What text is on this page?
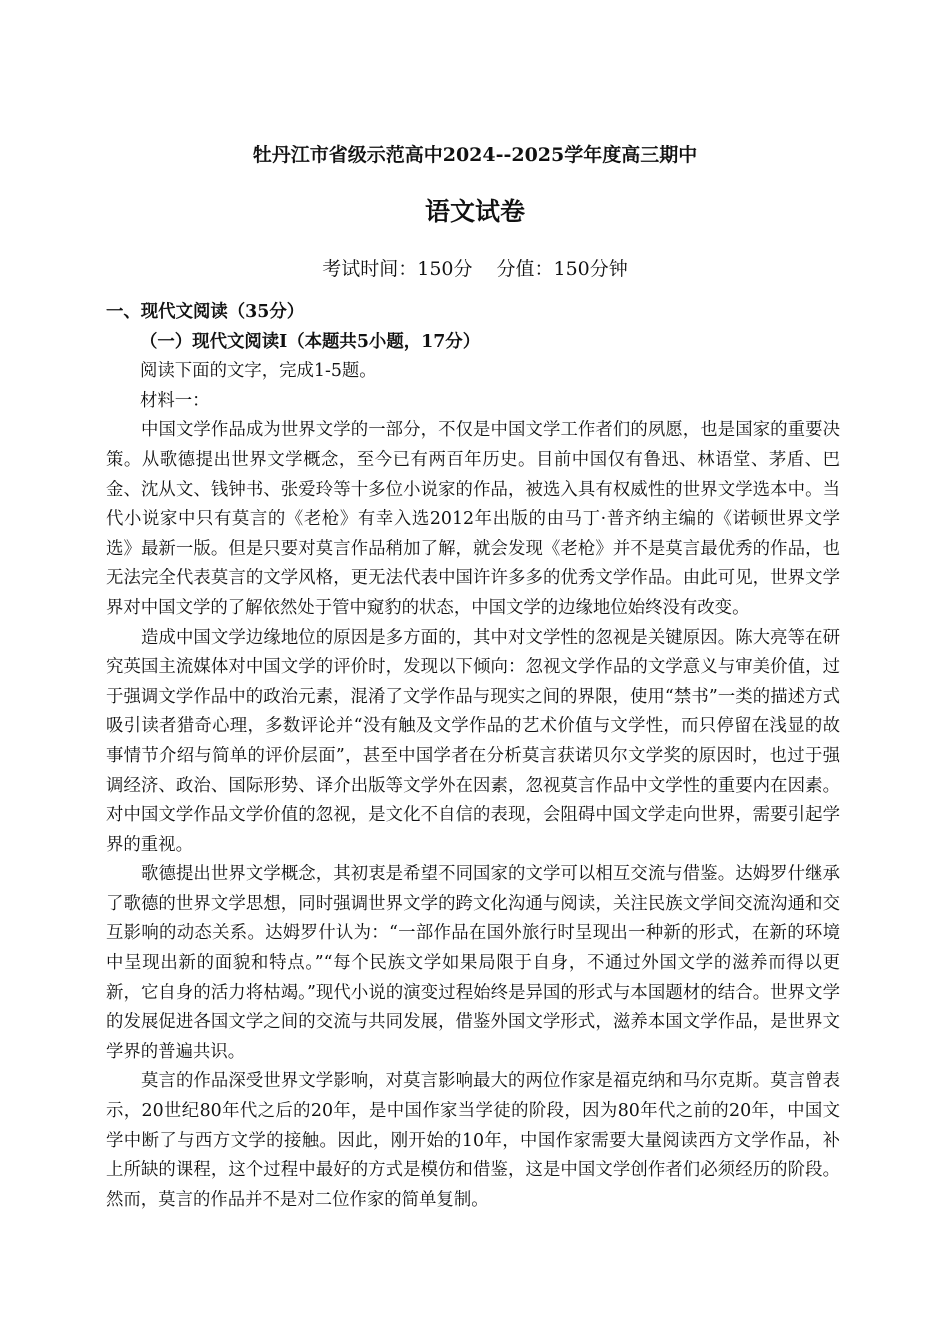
牡丹江市省级示范高中2024--2025学年度高三期中
语文试卷
考试时间：150分 分值：150分钟

一、现代文阅读（35分）

（一）现代文阅读Ⅰ（本题共5小题，17分）

阅读下面的文字，完成1-5题。

材料一：

中国文学作品成为世界文学的一部分，不仅是中国文学工作者们的夙愿，也是国家的重要决策。从歌德提出世界文学概念，至今已有两百年历史。目前中国仅有鲁迅、林语堂、茅盾、巴金、沈从文、钱钟书、张爱玲等十多位小说家的作品，被选入具有权威性的世界文学选本中。当代小说家中只有莫言的《老枪》有幸入选2012年出版的由马丁·普齐纳主编的《诺顿世界文学选》最新一版。但是只要对莫言作品稍加了解，就会发现《老枪》并不是莫言最优秀的作品，也无法完全代表莫言的文学风格，更无法代表中国许许多多的优秀文学作品。由此可见，世界文学界对中国文学的了解依然处于管中窥豹的状态，中国文学的边缘地位始终没有改变。

造成中国文学边缘地位的原因是多方面的，其中对文学性的忽视是关键原因。陈大亮等在研究英国主流媒体对中国文学的评价时，发现以下倾向：忽视文学作品的文学意义与审美价值，过于强调文学作品中的政治元素，混淆了文学作品与现实之间的界限，使用“禁书”一类的描述方式吸引读者猎奇心理，多数评论并“没有触及文学作品的艺术价值与文学性，而只停留在浅显的故事情节介绍与简单的评价层面”，甚至中国学者在分析莫言获诺贝尔文学奖的原因时，也过于强调经济、政治、国际形势、译介出版等文学外在因素，忽视莫言作品中文学性的重要内在因素。对中国文学作品文学价值的忽视，是文化不自信的表现，会阻碍中国文学走向世界，需要引起学界的重视。

歌德提出世界文学概念，其初衷是希望不同国家的文学可以相互交流与借鉴。达姆罗什继承了歌德的世界文学思想，同时强调世界文学的跨文化沟通与阅读，关注民族文学间交流沟通和交互影响的动态关系。达姆罗什认为：“一部作品在国外旅行时呈现出一种新的形式，在新的环境中呈现出新的面貌和特点。”“每个民族文学如果局限于自身，不通过外国文学的滋养而得以更新，它自身的活力将枯竭。”现代小说的演变过程始终是异国的形式与本国题材的结合。世界文学的发展促进各国文学之间的交流与共同发展，借鉴外国文学形式，滋养本国文学作品，是世界文学界的普遍共识。

莫言的作品深受世界文学影响，对莫言影响最大的两位作家是福克纳和马尔克斯。莫言曾表示，20世纪80年代之后的20年，是中国作家当学徒的阶段，因为80年代之前的20年，中国文学中断了与西方文学的接触。因此，刚开始的10年，中国作家需要大量阅读西方文学作品，补上所缺的课程，这个过程中最好的方式是模仿和借鉴，这是中国文学创作者们必须经历的阶段。然而，莫言的作品并不是对二位作家的简单复制。
